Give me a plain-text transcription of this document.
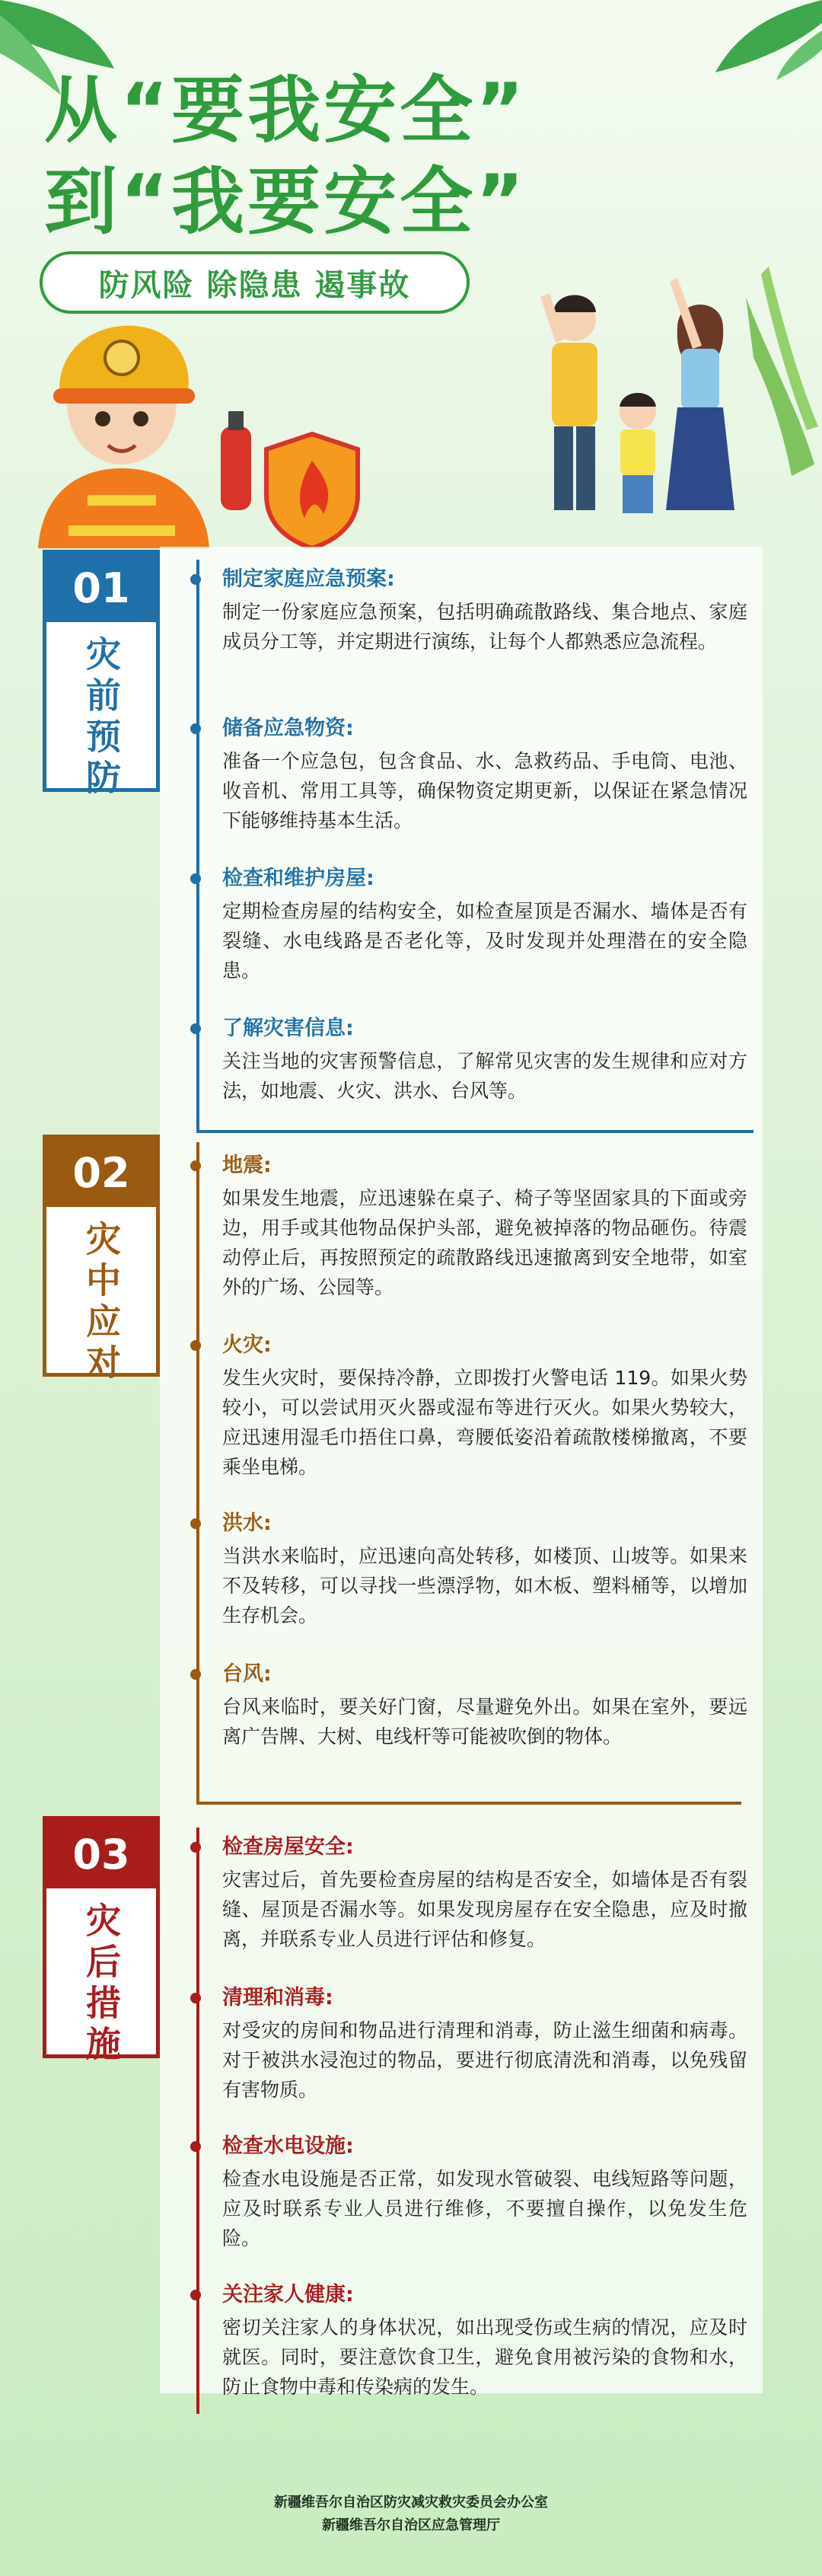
从“要我安全”
到“我要安全”
防风险 除隐患 遏事故
01
灾前预防
制定家庭应急预案:

制定一份家庭应急预案，包括明确疏散路线、集合地点、家庭成员分工等，并定期进行演练，让每个人都熟悉应急流程。

储备应急物资:

准备一个应急包，包含食品、水、急救药品、手电筒、电池、收音机、常用工具等，确保物资定期更新，以保证在紧急情况下能够维持基本生活。

检查和维护房屋:

定期检查房屋的结构安全，如检查屋顶是否漏水、墙体是否有裂缝、水电线路是否老化等，及时发现并处理潜在的安全隐患。

了解灾害信息:

关注当地的灾害预警信息，了解常见灾害的发生规律和应对方法，如地震、火灾、洪水、台风等。

02
灾中应对
地震:

如果发生地震，应迅速躲在桌子、椅子等坚固家具的下面或旁边，用手或其他物品保护头部，避免被掉落的物品砸伤。待震动停止后，再按照预定的疏散路线迅速撤离到安全地带，如室外的广场、公园等。

火灾:

发生火灾时，要保持冷静，立即拨打火警电话 119。如果火势较小，可以尝试用灭火器或湿布等进行灭火。如果火势较大，应迅速用湿毛巾捂住口鼻，弯腰低姿沿着疏散楼梯撤离，不要乘坐电梯。

洪水:

当洪水来临时，应迅速向高处转移，如楼顶、山坡等。如果来不及转移，可以寻找一些漂浮物，如木板、塑料桶等，以增加生存机会。

台风:

台风来临时，要关好门窗，尽量避免外出。如果在室外，要远离广告牌、大树、电线杆等可能被吹倒的物体。

03
灾后措施
检查房屋安全:

灾害过后，首先要检查房屋的结构是否安全，如墙体是否有裂缝、屋顶是否漏水等。如果发现房屋存在安全隐患，应及时撤离，并联系专业人员进行评估和修复。

清理和消毒:

对受灾的房间和物品进行清理和消毒，防止滋生细菌和病毒。对于被洪水浸泡过的物品，要进行彻底清洗和消毒，以免残留有害物质。

检查水电设施:

检查水电设施是否正常，如发现水管破裂、电线短路等问题，应及时联系专业人员进行维修，不要擅自操作，以免发生危险。

关注家人健康:

密切关注家人的身体状况，如出现受伤或生病的情况，应及时就医。同时，要注意饮食卫生，避免食用被污染的食物和水，防止食物中毒和传染病的发生。

新疆维吾尔自治区防灾减灾救灾委员会办公室
新疆维吾尔自治区应急管理厅
